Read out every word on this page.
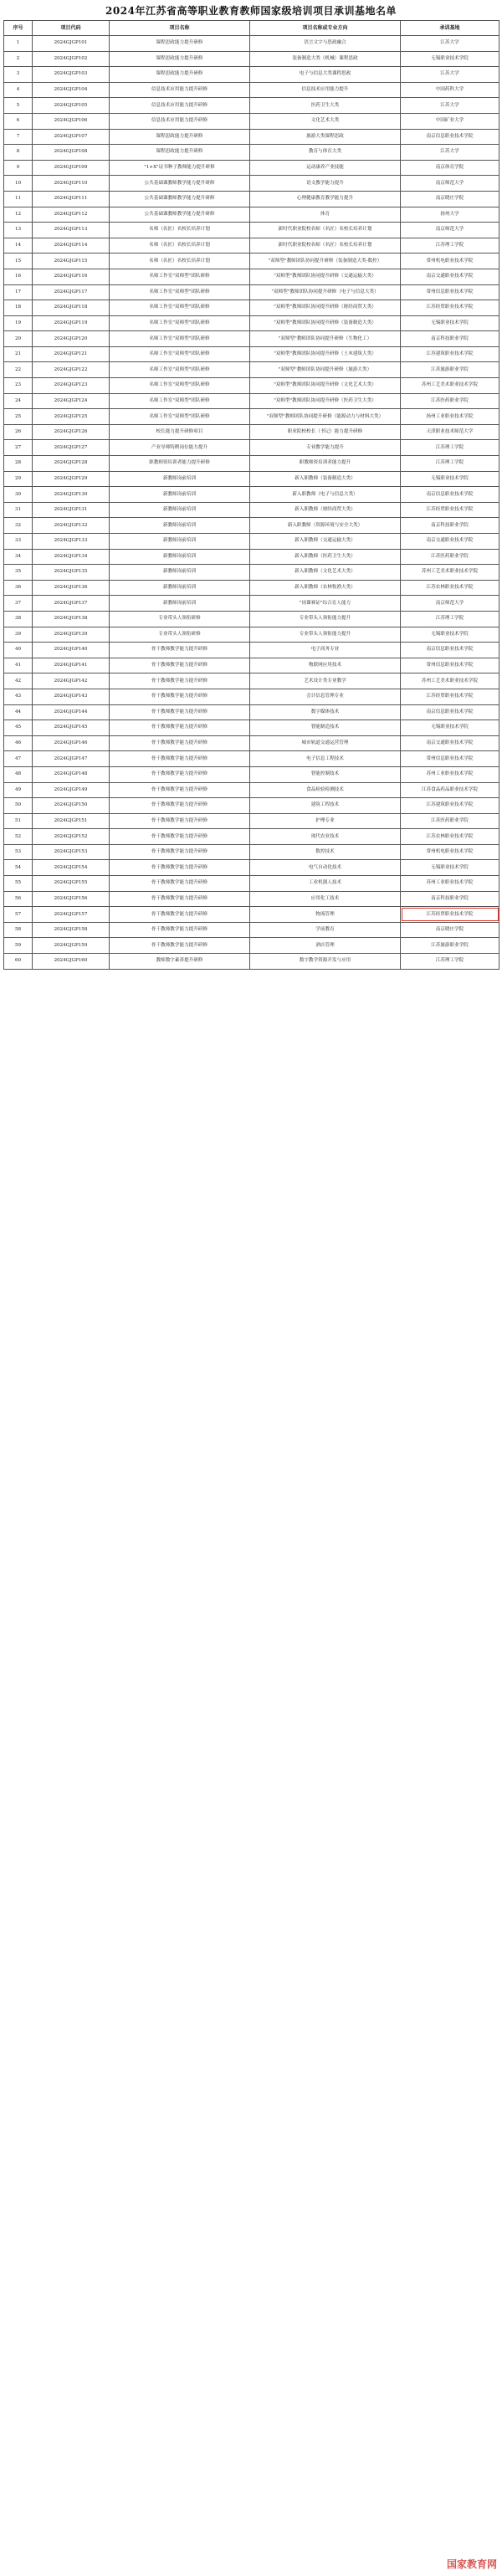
2024年江苏省高等职业教育教师国家级培训项目承训基地名单
序号	项目代码	项目名称	项目名称或专业方向	承训基地
1	2024GJGP101	课程思政能力提升研修	语言文字与思政融合	江苏大学
2	2024GJGP102	课程思政能力提升研修	装备制造大类（机械）课程思政	无锡职业技术学院
3	2024GJGP103	课程思政能力提升研修	电子与信息大类课程思政	江苏大学
4	2024GJGP104	信息技术应用能力提升研修	信息技术应用能力提升	中国药科大学
5	2024GJGP105	信息技术应用能力提升研修	医药卫生大类	江苏大学
6	2024GJGP106	信息技术应用能力提升研修	文化艺术大类	中国矿业大学
7	2024GJGP107	课程思政能力提升研修	旅游大类课程思政	南京信息职业技术学院
8	2024GJGP108	课程思政能力提升研修	教育与体育大类	江苏大学
9	2024GJGP109	"1+X"证书种子教师能力提升研修	运动康养产业技能	南京体育学院
10	2024GJGP110	公共基础课教师教学能力提升研修	语文教学能力提升	南京师范大学
11	2024GJGP111	公共基础课教师教学能力提升研修	心理健康教育教学能力提升	南京晓庄学院
12	2024GJGP112	公共基础课教师教学能力提升研修	体育	扬州大学
13	2024GJGP113	名师（名匠）名校长培养计划	新时代职业院校名师（名匠）名校长培养计划	南京师范大学
14	2024GJGP114	名师（名匠）名校长培养计划	新时代职业院校名师（名匠）名校长培养计划	江苏理工学院
15	2024GJGP115	名师（名匠）名校长培养计划	"双师型"教师团队协同提升研修（装备制造大类-数控）	常州机电职业技术学院
16	2024GJGP116	名师工作室"双师型"团队研修	"双师型"教师团队协同提升研修（交通运输大类）	南京交通职业技术学院
17	2024GJGP117	名师工作室"双师型"团队研修	"双师型"教师团队协同提升研修（电子与信息大类）	常州信息职业技术学院
18	2024GJGP118	名师工作室"双师型"团队研修	"双师型"教师团队协同提升研修（财经商贸大类）	江苏经贸职业技术学院
19	2024GJGP119	名师工作室"双师型"团队研修	"双师型"教师团队协同提升研修（装备制造大类）	无锡职业技术学院
20	2024GJGP120	名师工作室"双师型"团队研修	"双师型"教师团队协同提升研修（生物化工）	南京科技职业学院
21	2024GJGP121	名师工作室"双师型"团队研修	"双师型"教师团队协同提升研修（土木建筑大类）	江苏建筑职业技术学院
22	2024GJGP122	名师工作室"双师型"团队研修	"双师型"教师团队协同提升研修（旅游大类）	江苏旅游职业学院
23	2024GJGP123	名师工作室"双师型"团队研修	"双师型"教师团队协同提升研修（文化艺术大类）	苏州工艺美术职业技术学院
24	2024GJGP124	名师工作室"双师型"团队研修	"双师型"教师团队协同提升研修（医药卫生大类）	江苏医药职业学院
25	2024GJGP125	名师工作室"双师型"团队研修	"双师型"教师团队协同提升研修（能源动力与材料大类）	扬州工业职业技术学院
26	2024GJGP126	校长能力提升研修项目	职业院校校长（书记）能力提升研修	天津职业技术师范大学
27	2024GJGP127	产业导师特聘岗位能力提升	专业教学能力提升	江苏理工学院
28	2024GJGP128	职教师资培训者能力提升研修	职教师资培训者能力提升	江苏理工学院
29	2024GJGP129	新教师岗前培训	新入职教师（装备制造大类）	无锡职业技术学院
30	2024GJGP130	新教师岗前培训	新入职教师（电子与信息大类）	南京信息职业技术学院
31	2024GJGP131	新教师岗前培训	新入职教师（财经商贸大类）	江苏经贸职业技术学院
32	2024GJGP132	新教师岗前培训	新入职教师（资源环境与安全大类）	南京科技职业学院
33	2024GJGP133	新教师岗前培训	新入职教师（交通运输大类）	南京交通职业技术学院
34	2024GJGP134	新教师岗前培训	新入职教师（医药卫生大类）	江苏医药职业学院
35	2024GJGP135	新教师岗前培训	新入职教师（文化艺术大类）	苏州工艺美术职业技术学院
36	2024GJGP136	新教师岗前培训	新入职教师（农林牧渔大类）	江苏农林职业技术学院
37	2024GJGP137	新教师岗前培训	"岗课赛证"综合育人能力	南京师范大学
38	2024GJGP138	专业带头人领衔研修	专业带头人领衔能力提升	江苏理工学院
39	2024GJGP139	专业带头人领衔研修	专业带头人领衔能力提升	无锡职业技术学院
40	2024GJGP140	骨干教师教学能力提升研修	电子商务专业	南京信息职业技术学院
41	2024GJGP141	骨干教师教学能力提升研修	物联网应用技术	常州信息职业技术学院
42	2024GJGP142	骨干教师教学能力提升研修	艺术设计类专业教学	苏州工艺美术职业技术学院
43	2024GJGP143	骨干教师教学能力提升研修	会计信息管理专业	江苏经贸职业技术学院
44	2024GJGP144	骨干教师教学能力提升研修	数字媒体技术	南京信息职业技术学院
45	2024GJGP145	骨干教师教学能力提升研修	智能制造技术	无锡职业技术学院
46	2024GJGP146	骨干教师教学能力提升研修	城市轨道交通运营管理	南京交通职业技术学院
47	2024GJGP147	骨干教师教学能力提升研修	电子信息工程技术	常州信息职业技术学院
48	2024GJGP148	骨干教师教学能力提升研修	智能控制技术	苏州工业职业技术学院
49	2024GJGP149	骨干教师教学能力提升研修	食品检验检测技术	江苏食品药品职业技术学院
50	2024GJGP150	骨干教师教学能力提升研修	建筑工程技术	江苏建筑职业技术学院
51	2024GJGP151	骨干教师教学能力提升研修	护理专业	江苏医药职业学院
52	2024GJGP152	骨干教师教学能力提升研修	现代农业技术	江苏农林职业技术学院
53	2024GJGP153	骨干教师教学能力提升研修	数控技术	常州机电职业技术学院
54	2024GJGP154	骨干教师教学能力提升研修	电气自动化技术	无锡职业技术学院
55	2024GJGP155	骨干教师教学能力提升研修	工业机器人技术	苏州工业职业技术学院
56	2024GJGP156	骨干教师教学能力提升研修	应用化工技术	南京科技职业学院
57	2024GJGP157	骨干教师教学能力提升研修	物流管理	江苏经贸职业技术学院
58	2024GJGP158	骨干教师教学能力提升研修	学前教育	南京晓庄学院
59	2024GJGP159	骨干教师教学能力提升研修	酒店管理	江苏旅游职业学院
60	2024GJGP160	教师数字素养提升研修	数字教学资源开发与应用	江苏理工学院
国家教育网
